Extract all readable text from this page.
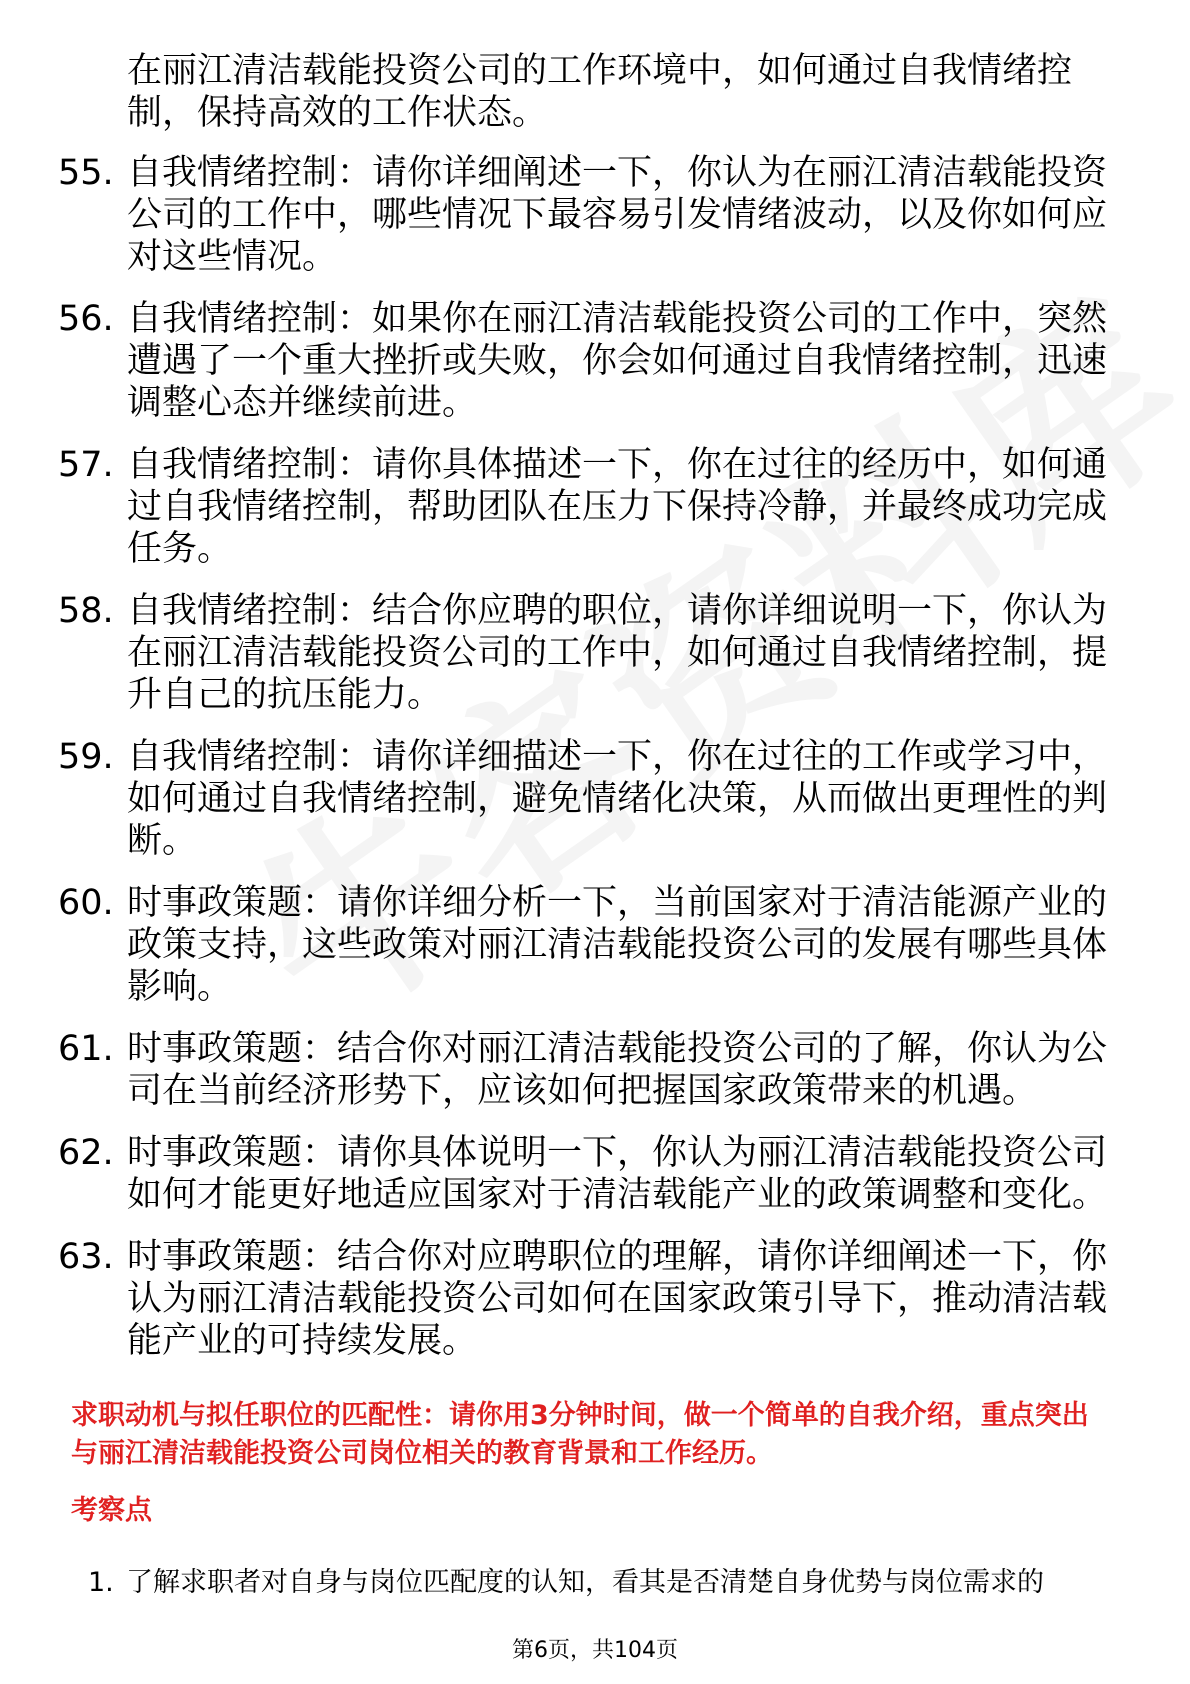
在丽江清洁载能投资公司的工作环境中，如何通过自我情绪控制，保持高效的工作状态。
55. 自我情绪控制：请你详细阐述一下，你认为在丽江清洁载能投资公司的工作中，哪些情况下最容易引发情绪波动，以及你如何应对这些情况。
56. 自我情绪控制：如果你在丽江清洁载能投资公司的工作中，突然遭遇了一个重大挫折或失败，你会如何通过自我情绪控制，迅速调整心态并继续前进。
57. 自我情绪控制：请你具体描述一下，你在过往的经历中，如何通过自我情绪控制，帮助团队在压力下保持冷静，并最终成功完成任务。
58. 自我情绪控制：结合你应聘的职位，请你详细说明一下，你认为在丽江清洁载能投资公司的工作中，如何通过自我情绪控制，提升自己的抗压能力。
59. 自我情绪控制：请你详细描述一下，你在过往的工作或学习中，如何通过自我情绪控制，避免情绪化决策，从而做出更理性的判断。
60. 时事政策题：请你详细分析一下，当前国家对于清洁能源产业的政策支持，这些政策对丽江清洁载能投资公司的发展有哪些具体影响。
61. 时事政策题：结合你对丽江清洁载能投资公司的了解，你认为公司在当前经济形势下，应该如何把握国家政策带来的机遇。
62. 时事政策题：请你具体说明一下，你认为丽江清洁载能投资公司如何才能更好地适应国家对于清洁载能产业的政策调整和变化。
63. 时事政策题：结合你对应聘职位的理解，请你详细阐述一下，你认为丽江清洁载能投资公司如何在国家政策引导下，推动清洁载能产业的可持续发展。
求职动机与拟任职位的匹配性：请你用3分钟时间，做一个简单的自我介绍，重点突出与丽江清洁载能投资公司岗位相关的教育背景和工作经历。
考察点
1. 了解求职者对自身与岗位匹配度的认知，看其是否清楚自身优势与岗位需求的
第6页，共104页
